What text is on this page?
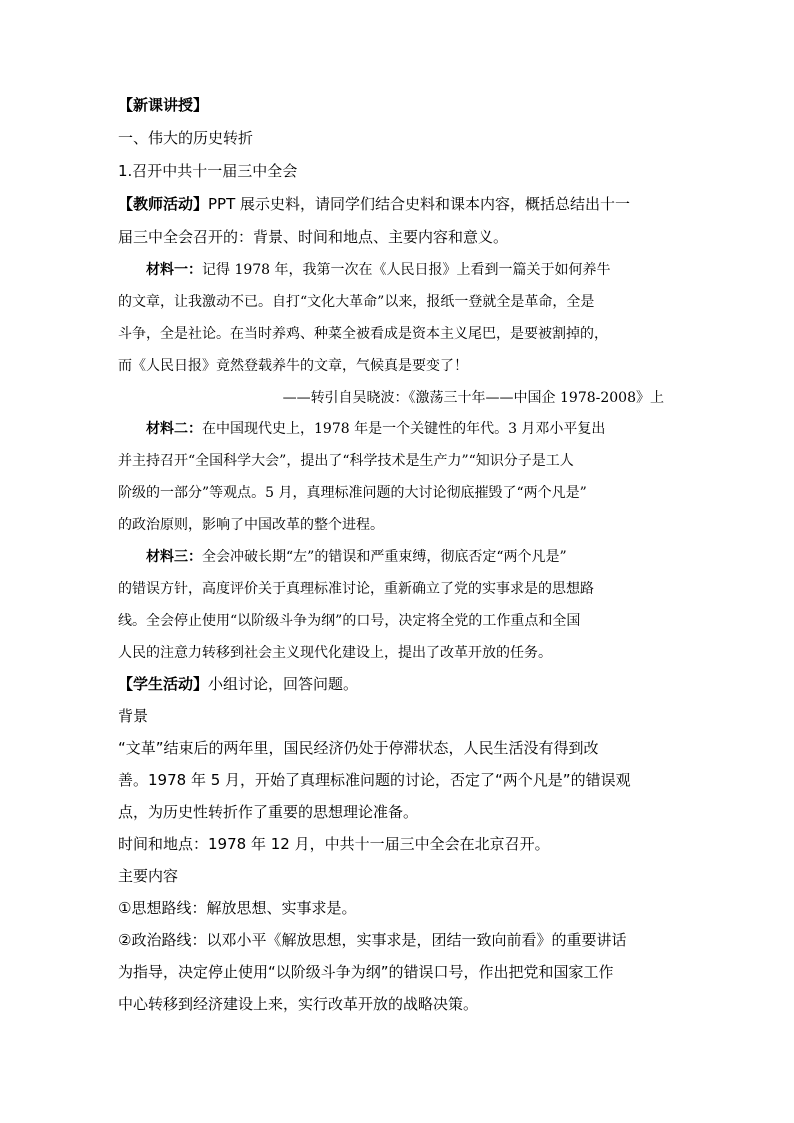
【新课讲授】
一、伟大的历史转折
1.召开中共十一届三中全会
【教师活动】PPT 展示史料，请同学们结合史料和课本内容，概括总结出十一
届三中全会召开的：背景、时间和地点、主要内容和意义。
材料一：记得 1978 年，我第一次在《人民日报》上看到一篇关于如何养牛
的文章，让我激动不已。自打“文化大革命”以来，报纸一登就全是革命，全是
斗争，全是社论。在当时养鸡、种菜全被看成是资本主义尾巴，是要被割掉的，
而《人民日报》竟然登载养牛的文章，气候真是要变了！
——转引自吴晓波：《激荡三十年——中国企 1978-2008》上
材料二：在中国现代史上，1978 年是一个关键性的年代。3 月邓小平复出
并主持召开“全国科学大会”，提出了“科学技术是生产力”“知识分子是工人
阶级的一部分”等观点。5 月，真理标准问题的大讨论彻底摧毁了“两个凡是”
的政治原则，影响了中国改革的整个进程。
材料三：全会冲破长期“左”的错误和严重束缚，彻底否定“两个凡是”
的错误方针，高度评价关于真理标准讨论，重新确立了党的实事求是的思想路
线。全会停止使用“以阶级斗争为纲”的口号，决定将全党的工作重点和全国
人民的注意力转移到社会主义现代化建设上，提出了改革开放的任务。
【学生活动】小组讨论，回答问题。
背景
“文革”结束后的两年里，国民经济仍处于停滞状态，人民生活没有得到改
善。1978 年 5 月，开始了真理标准问题的讨论，否定了“两个凡是”的错误观
点，为历史性转折作了重要的思想理论准备。
时间和地点：1978 年 12 月，中共十一届三中全会在北京召开。
主要内容
①思想路线：解放思想、实事求是。
②政治路线：以邓小平《解放思想，实事求是，团结一致向前看》的重要讲话
为指导，决定停止使用“以阶级斗争为纲”的错误口号，作出把党和国家工作
中心转移到经济建设上来，实行改革开放的战略决策。
